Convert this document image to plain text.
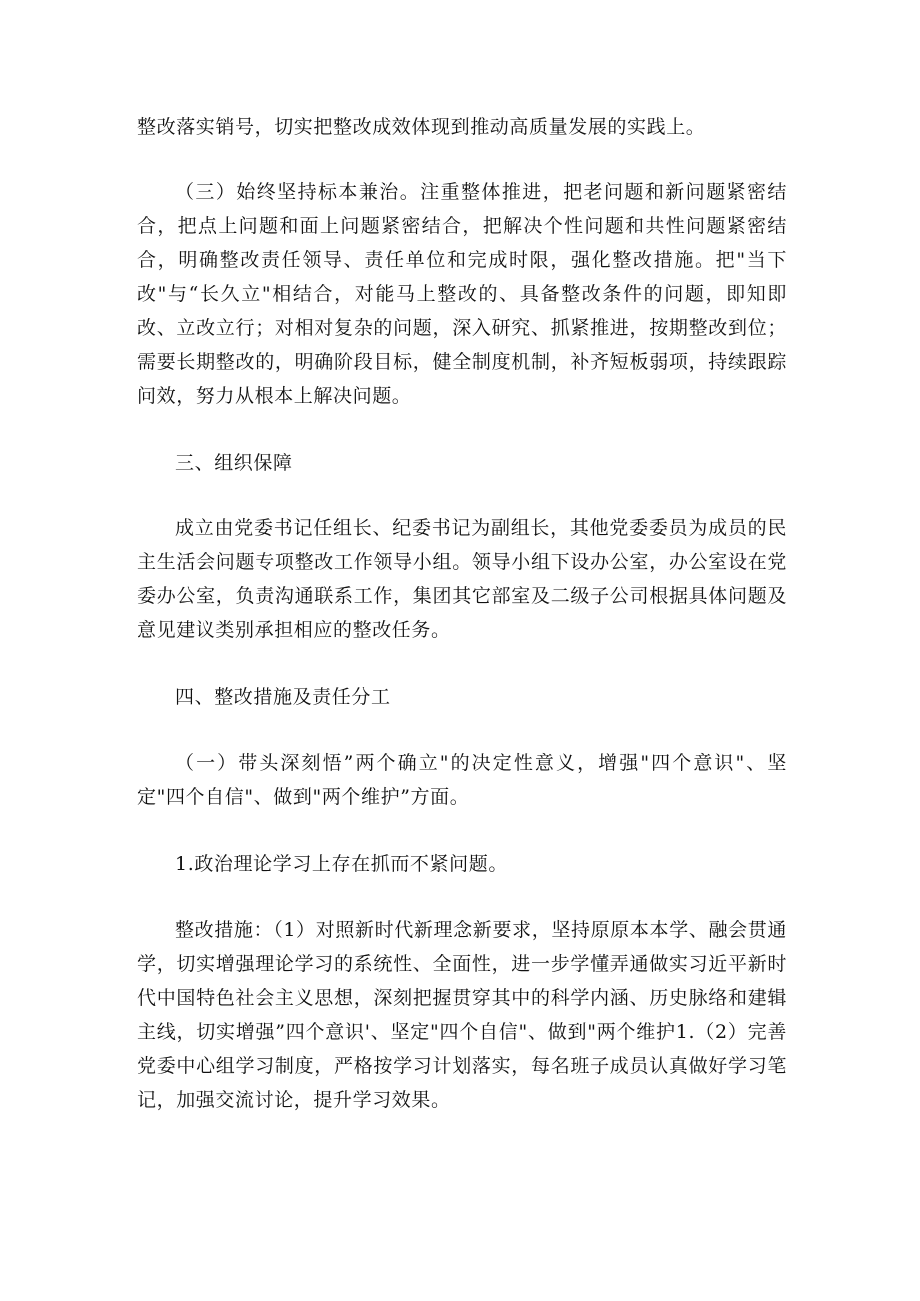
整改落实销号，切实把整改成效体现到推动高质量发展的实践上。

（三）始终坚持标本兼治。注重整体推进，把老问题和新问题紧密结合，把点上问题和面上问题紧密结合，把解决个性问题和共性问题紧密结合，明确整改责任领导、责任单位和完成时限，强化整改措施。把"当下改"与“长久立"相结合，对能马上整改的、具备整改条件的问题，即知即改、立改立行；对相对复杂的问题，深入研究、抓紧推进，按期整改到位；需要长期整改的，明确阶段目标，健全制度机制，补齐短板弱项，持续跟踪问效，努力从根本上解决问题。

三、组织保障

成立由党委书记任组长、纪委书记为副组长，其他党委委员为成员的民主生活会问题专项整改工作领导小组。领导小组下设办公室，办公室设在党委办公室，负责沟通联系工作，集团其它部室及二级子公司根据具体问题及意见建议类别承担相应的整改任务。

四、整改措施及责任分工

（一）带头深刻悟”两个确立"的决定性意义，增强"四个意识"、坚定"四个自信"、做到"两个维护”方面。

1.政治理论学习上存在抓而不紧问题。

整改措施：（1）对照新时代新理念新要求，坚持原原本本学、融会贯通学，切实增强理论学习的系统性、全面性，进一步学懂弄通做实习近平新时代中国特色社会主义思想，深刻把握贯穿其中的科学内涵、历史脉络和建辑主线，切实增强”四个意识'、坚定"四个自信"、做到"两个维护1.（2）完善党委中心组学习制度，严格按学习计划落实，每名班子成员认真做好学习笔记，加强交流讨论，提升学习效果。
